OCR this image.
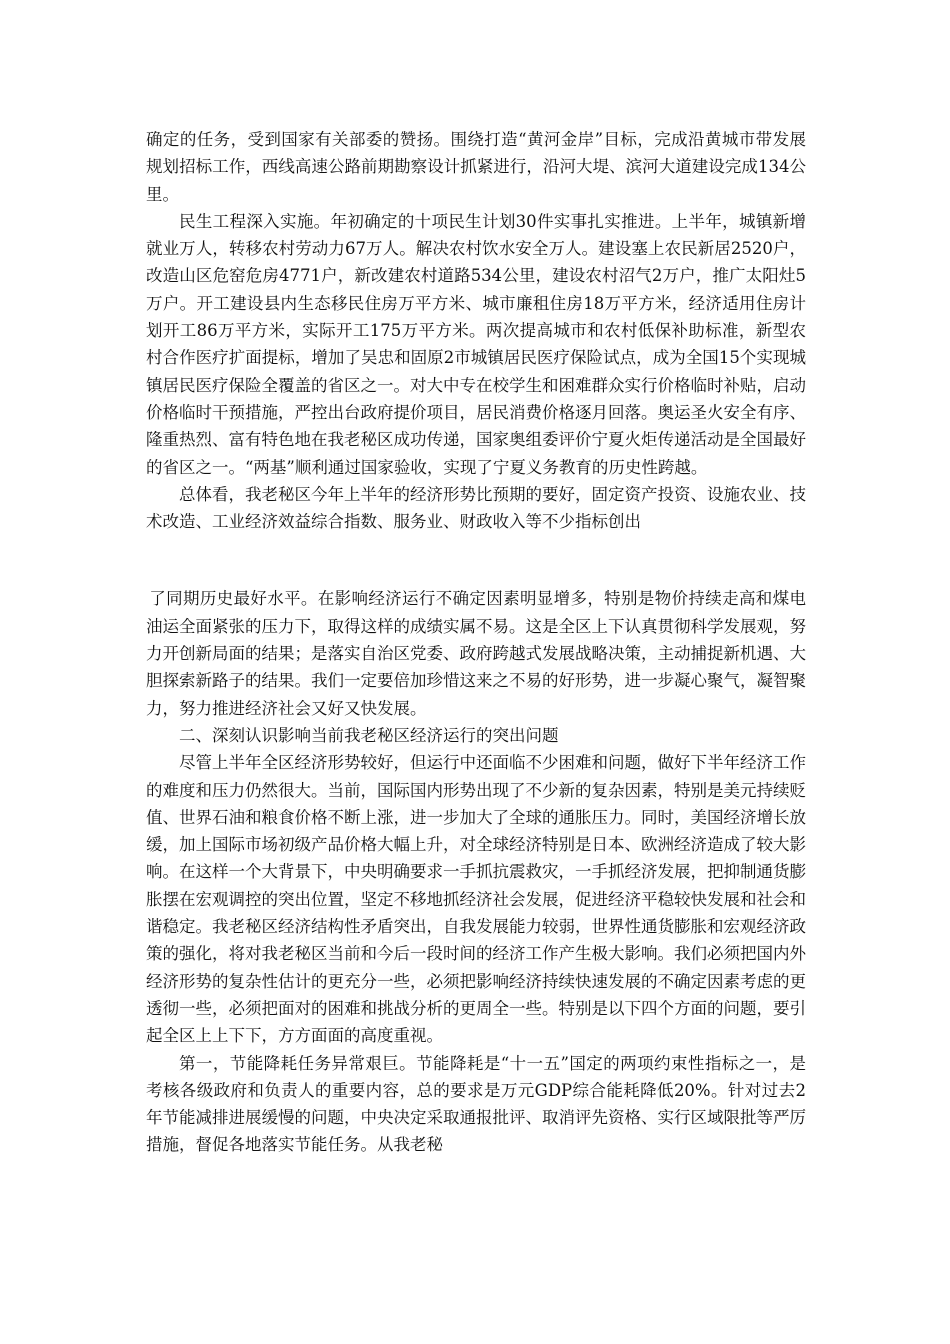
确定的任务，受到国家有关部委的赞扬。围绕打造“黄河金岸”目标，完成沿黄城市带发展规划招标工作，西线高速公路前期勘察设计抓紧进行，沿河大堤、滨河大道建设完成134公里。

民生工程深入实施。年初确定的十项民生计划30件实事扎实推进。上半年，城镇新增就业万人，转移农村劳动力67万人。解决农村饮水安全万人。建设塞上农民新居2520户，改造山区危窑危房4771户，新改建农村道路534公里，建设农村沼气2万户，推广太阳灶5万户。开工建设县内生态移民住房万平方米、城市廉租住房18万平方米，经济适用住房计划开工86万平方米，实际开工175万平方米。两次提高城市和农村低保补助标准，新型农村合作医疗扩面提标，增加了吴忠和固原2市城镇居民医疗保险试点，成为全国15个实现城镇居民医疗保险全覆盖的省区之一。对大中专在校学生和困难群众实行价格临时补贴，启动价格临时干预措施，严控出台政府提价项目，居民消费价格逐月回落。奥运圣火安全有序、隆重热烈、富有特色地在我老秘区成功传递，国家奥组委评价宁夏火炬传递活动是全国最好的省区之一。“两基”顺利通过国家验收，实现了宁夏义务教育的历史性跨越。

总体看，我老秘区今年上半年的经济形势比预期的要好，固定资产投资、设施农业、技术改造、工业经济效益综合指数、服务业、财政收入等不少指标创出

了同期历史最好水平。在影响经济运行不确定因素明显增多，特别是物价持续走高和煤电油运全面紧张的压力下，取得这样的成绩实属不易。这是全区上下认真贯彻科学发展观，努力开创新局面的结果；是落实自治区党委、政府跨越式发展战略决策，主动捕捉新机遇、大胆探索新路子的结果。我们一定要倍加珍惜这来之不易的好形势，进一步凝心聚气，凝智聚力，努力推进经济社会又好又快发展。

二、深刻认识影响当前我老秘区经济运行的突出问题

尽管上半年全区经济形势较好，但运行中还面临不少困难和问题，做好下半年经济工作的难度和压力仍然很大。当前，国际国内形势出现了不少新的复杂因素，特别是美元持续贬值、世界石油和粮食价格不断上涨，进一步加大了全球的通胀压力。同时，美国经济增长放缓，加上国际市场初级产品价格大幅上升，对全球经济特别是日本、欧洲经济造成了较大影响。在这样一个大背景下，中央明确要求一手抓抗震救灾，一手抓经济发展，把抑制通货膨胀摆在宏观调控的突出位置，坚定不移地抓经济社会发展，促进经济平稳较快发展和社会和谐稳定。我老秘区经济结构性矛盾突出，自我发展能力较弱，世界性通货膨胀和宏观经济政策的强化，将对我老秘区当前和今后一段时间的经济工作产生极大影响。我们必须把国内外经济形势的复杂性估计的更充分一些，必须把影响经济持续快速发展的不确定因素考虑的更透彻一些，必须把面对的困难和挑战分析的更周全一些。特别是以下四个方面的问题，要引起全区上上下下，方方面面的高度重视。

第一，节能降耗任务异常艰巨。节能降耗是“十一五”国定的两项约束性指标之一，是考核各级政府和负责人的重要内容，总的要求是万元GDP综合能耗降低20%。针对过去2年节能减排进展缓慢的问题，中央决定采取通报批评、取消评先资格、实行区域限批等严厉措施，督促各地落实节能任务。从我老秘
